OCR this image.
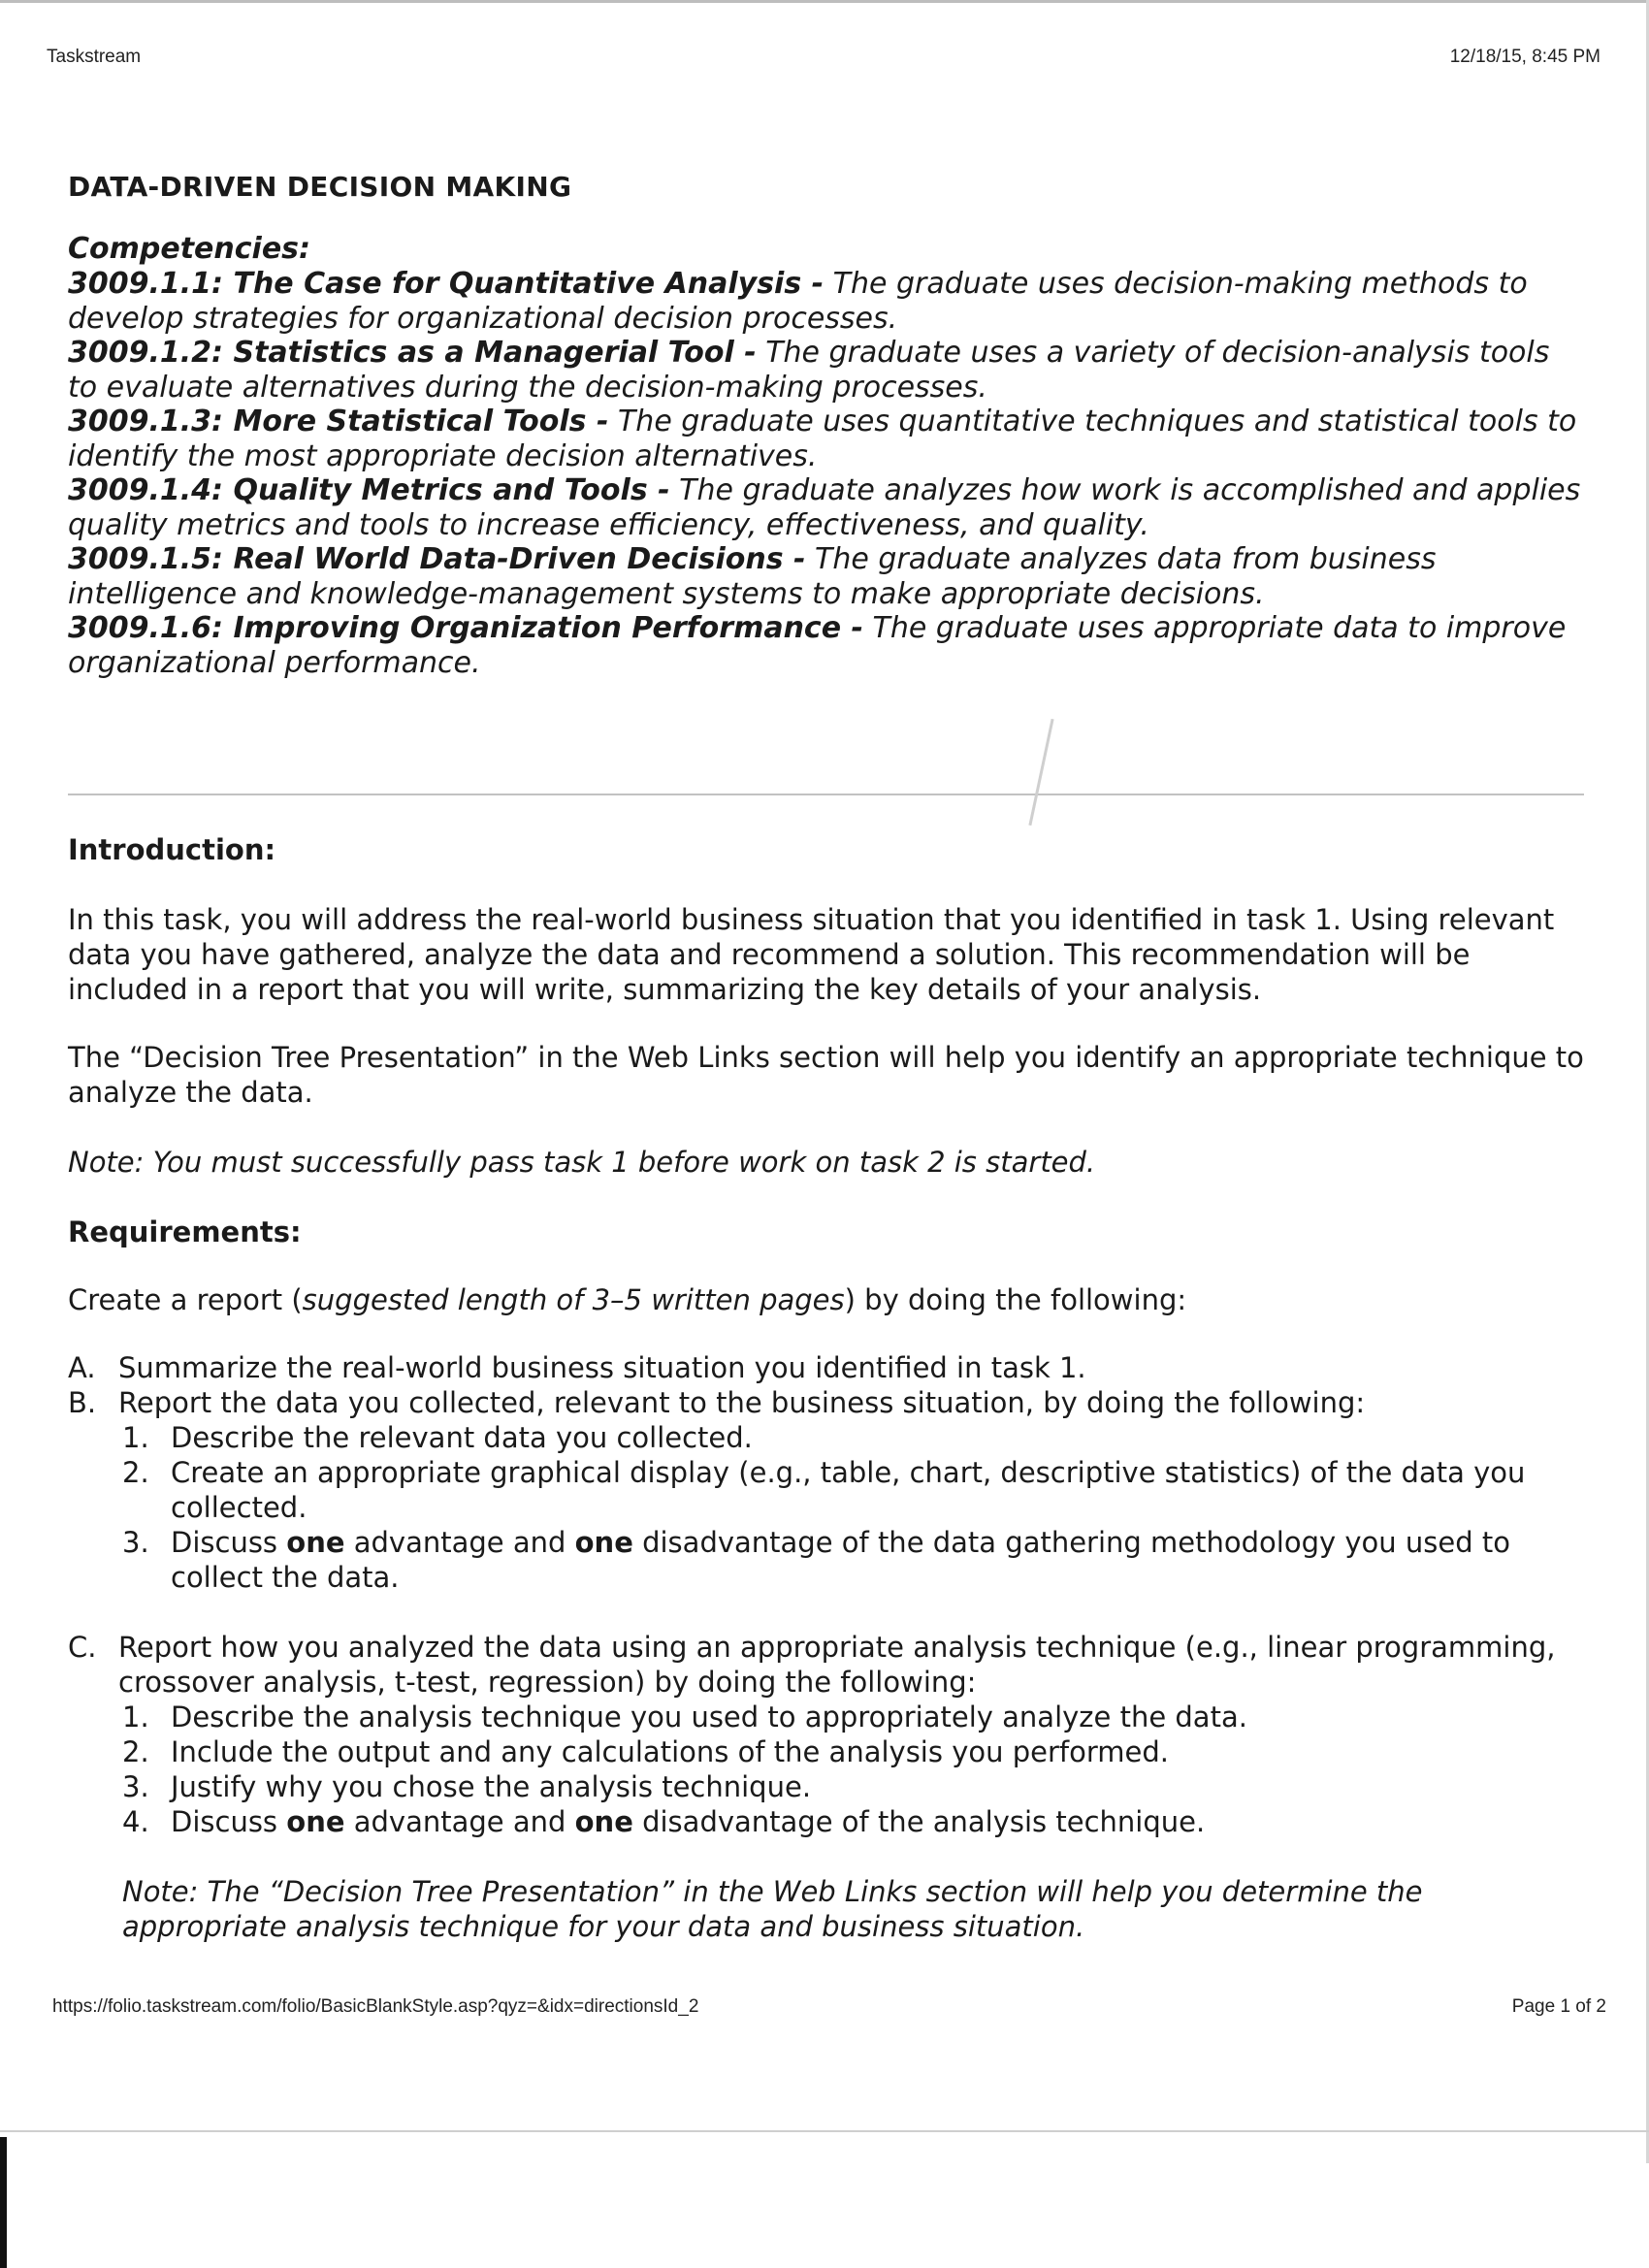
Taskstream	12/18/15, 8:45 PM
DATA-DRIVEN DECISION MAKING

Competencies:

3009.1.1: The Case for Quantitative Analysis - The graduate uses decision-making methods to develop strategies for organizational decision processes.

3009.1.2: Statistics as a Managerial Tool - The graduate uses a variety of decision-analysis tools to evaluate alternatives during the decision-making processes.

3009.1.3: More Statistical Tools - The graduate uses quantitative techniques and statistical tools to identify the most appropriate decision alternatives.

3009.1.4: Quality Metrics and Tools - The graduate analyzes how work is accomplished and applies quality metrics and tools to increase efficiency, effectiveness, and quality.

3009.1.5: Real World Data-Driven Decisions - The graduate analyzes data from business intelligence and knowledge-management systems to make appropriate decisions.

3009.1.6: Improving Organization Performance - The graduate uses appropriate data to improve organizational performance.

Introduction:

In this task, you will address the real-world business situation that you identified in task 1. Using relevant data you have gathered, analyze the data and recommend a solution. This recommendation will be included in a report that you will write, summarizing the key details of your analysis.

The “Decision Tree Presentation” in the Web Links section will help you identify an appropriate technique to analyze the data.

Note: You must successfully pass task 1 before work on task 2 is started.

Requirements:

Create a report (suggested length of 3–5 written pages) by doing the following:

A. Summarize the real-world business situation you identified in task 1.
B. Report the data you collected, relevant to the business situation, by doing the following:
1. Describe the relevant data you collected.
2. Create an appropriate graphical display (e.g., table, chart, descriptive statistics) of the data you collected.
3. Discuss one advantage and one disadvantage of the data gathering methodology you used to collect the data.
C. Report how you analyzed the data using an appropriate analysis technique (e.g., linear programming, crossover analysis, t-test, regression) by doing the following:
1. Describe the analysis technique you used to appropriately analyze the data.
2. Include the output and any calculations of the analysis you performed.
3. Justify why you chose the analysis technique.
4. Discuss one advantage and one disadvantage of the analysis technique.
Note: The “Decision Tree Presentation” in the Web Links section will help you determine the appropriate analysis technique for your data and business situation.
https://folio.taskstream.com/folio/BasicBlankStyle.asp?qyz=&idx=directionsId_2	Page 1 of 2
